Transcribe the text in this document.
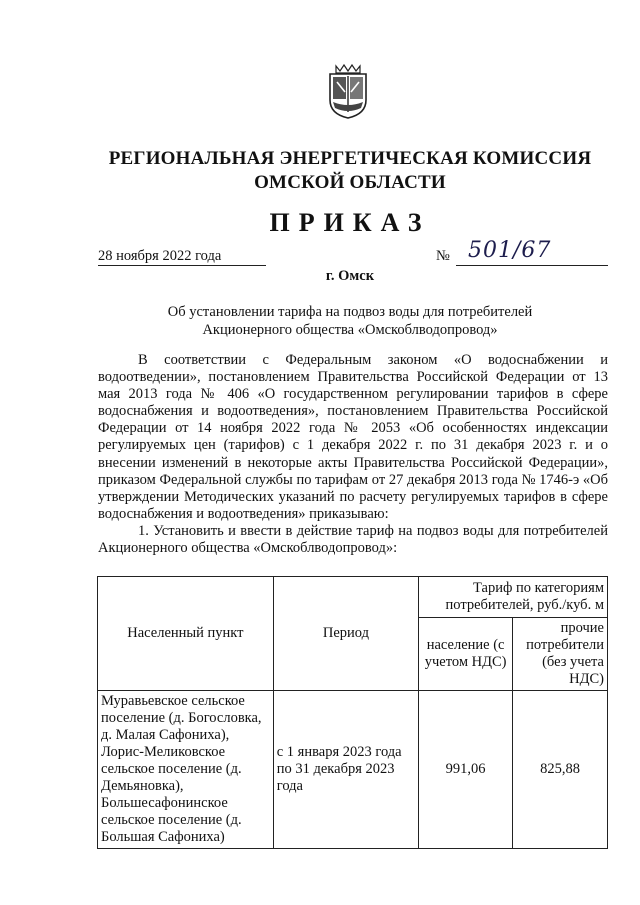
РЕГИОНАЛЬНАЯ ЭНЕРГЕТИЧЕСКАЯ КОМИССИЯ
ОМСКОЙ ОБЛАСТИ
ПРИКАЗ
28 ноября 2022 года	№ 501/67
г. Омск
Об установлении тарифа на подвоз воды для потребителей
Акционерного общества «Омскоблводопровод»

В соответствии с Федеральным законом «О водоснабжении и водоотведении», постановлением Правительства Российской Федерации от 13 мая 2013 года № 406 «О государственном регулировании тарифов в сфере водоснабжения и водоотведения», постановлением Правительства Российской Федерации от 14 ноября 2022 года № 2053 «Об особенностях индексации регулируемых цен (тарифов) с 1 декабря 2022 г. по 31 декабря 2023 г. и о внесении изменений в некоторые акты Правительства Российской Федерации», приказом Федеральной службы по тарифам от 27 декабря 2013 года № 1746-э «Об утверждении Методических указаний по расчету регулируемых тарифов в сфере водоснабжения и водоотведения» приказываю:

1. Установить и ввести в действие тариф на подвоз воды для потребителей Акционерного общества «Омскоблводопровод»:

Населенный пункт	Период	Тариф по категориям потребителей, руб./куб. м	
		население (с учетом НДС)	прочие потребители (без учета НДС)
Муравьевское сельское поселение (д. Богословка, д. Малая Сафониха), Лорис-Меликовское сельское поселение (д. Демьяновка), Большесафонинское сельское поселение (д. Большая Сафониха)	с 1 января 2023 года по 31 декабря 2023 года	991,06	825,88
